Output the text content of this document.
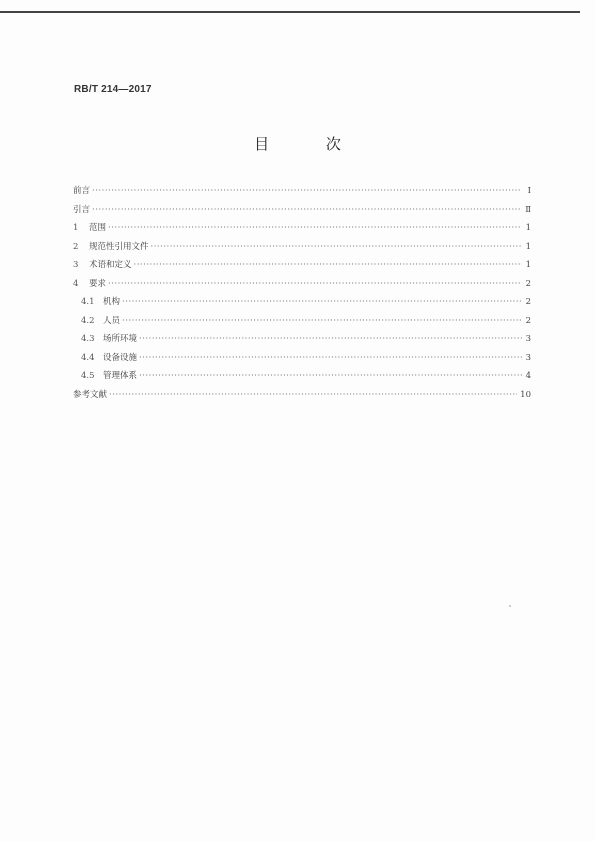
RB/T 214—2017
目 次
前言 ·····	Ⅰ
引言 ·····	Ⅱ
1	范围 ·····	1
2	规范性引用文件 ·····	1
3	术语和定义 ·····	1
4	要求 ·····	2
4.1 机构 ·····	2
4.2 人员 ·····	2
4.3 场所环境 ·····	3
4.4 设备设施 ·····	3
4.5 管理体系 ·····	4
参考文献 ·····	10
